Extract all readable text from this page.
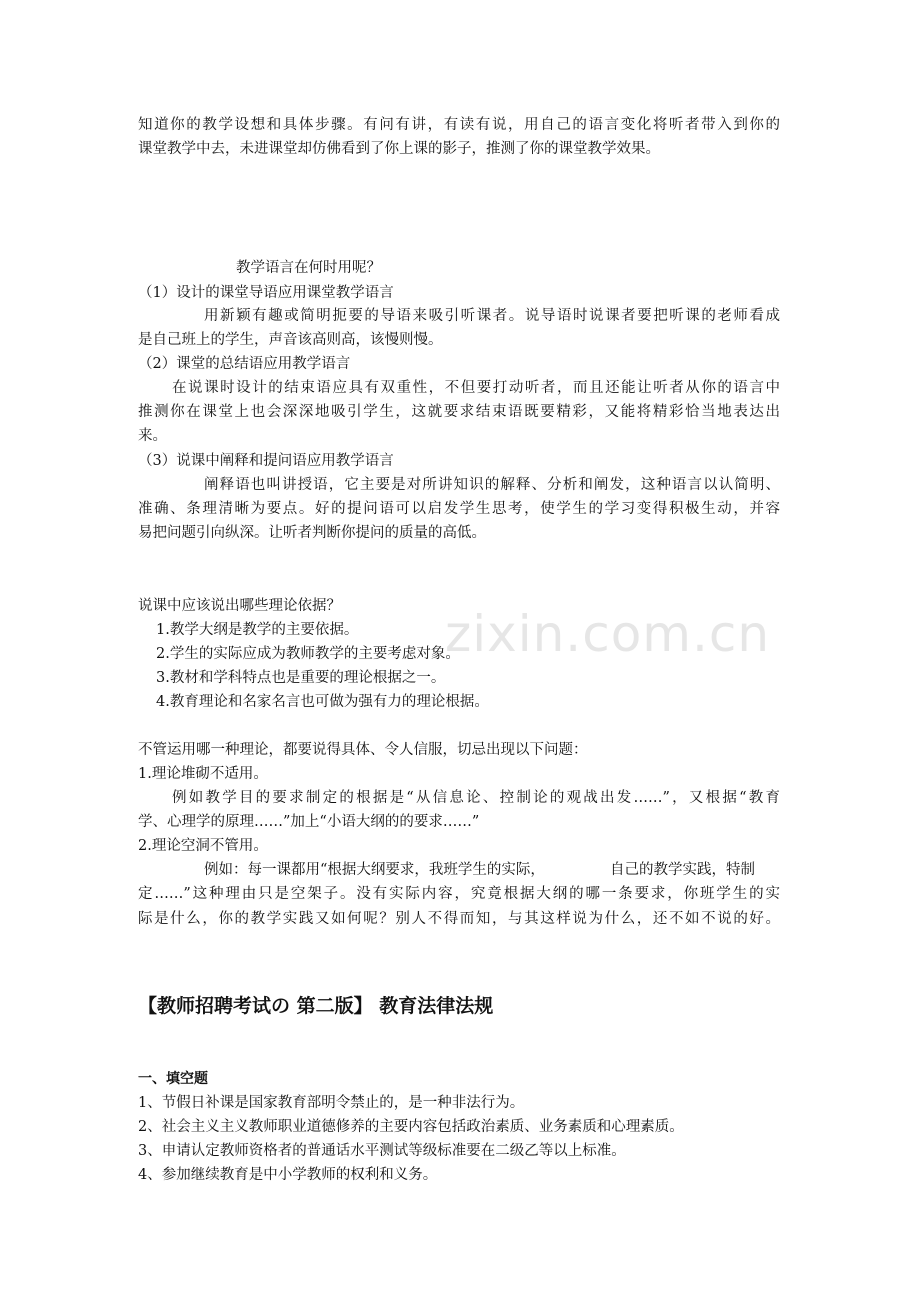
zixin.com.cn
知道你的教学设想和具体步骤。有问有讲，有读有说，用自己的语言变化将听者带入到你的
课堂教学中去，未进课堂却仿佛看到了你上课的影子，推测了你的课堂教学效果。
教学语言在何时用呢？
（1）设计的课堂导语应用课堂教学语言
用新颖有趣或简明扼要的导语来吸引听课者。说导语时说课者要把听课的老师看成
是自己班上的学生，声音该高则高，该慢则慢。
（2）课堂的总结语应用教学语言
在说课时设计的结束语应具有双重性，不但要打动听者，而且还能让听者从你的语言中
推测你在课堂上也会深深地吸引学生，这就要求结束语既要精彩，又能将精彩恰当地表达出
来。
（3）说课中阐释和提问语应用教学语言
阐释语也叫讲授语，它主要是对所讲知识的解释、分析和阐发，这种语言以认简明、
准确、条理清晰为要点。好的提问语可以启发学生思考，使学生的学习变得积极生动，并容
易把问题引向纵深。让听者判断你提问的质量的高低。
说课中应该说出哪些理论依据？
1.教学大纲是教学的主要依据。
2.学生的实际应成为教师教学的主要考虑对象。
3.教材和学科特点也是重要的理论根据之一。
4.教育理论和名家名言也可做为强有力的理论根据。
不管运用哪一种理论，都要说得具体、令人信服，切忌出现以下问题：
1.理论堆砌不适用。
例如教学目的要求制定的根据是“从信息论、控制论的观战出发……”，又根据“教育
学、心理学的原理……”加上“小语大纲的的要求……”
2.理论空洞不管用。
例如：每一课都用“根据大纲要求，我班学生的实际，	自己的教学实践，特制
定……”这种理由只是空架子。没有实际内容，究竟根据大纲的哪一条要求，你班学生的实
际是什么，你的教学实践又如何呢？别人不得而知，与其这样说为什么，还不如不说的好。
【教师招聘考试の 第二版】 教育法律法规
一、填空题
1、节假日补课是国家教育部明令禁止的，是一种非法行为。
2、社会主义主义教师职业道德修养的主要内容包括政治素质、业务素质和心理素质。
3、申请认定教师资格者的普通话水平测试等级标准要在二级乙等以上标准。
4、参加继续教育是中小学教师的权利和义务。
